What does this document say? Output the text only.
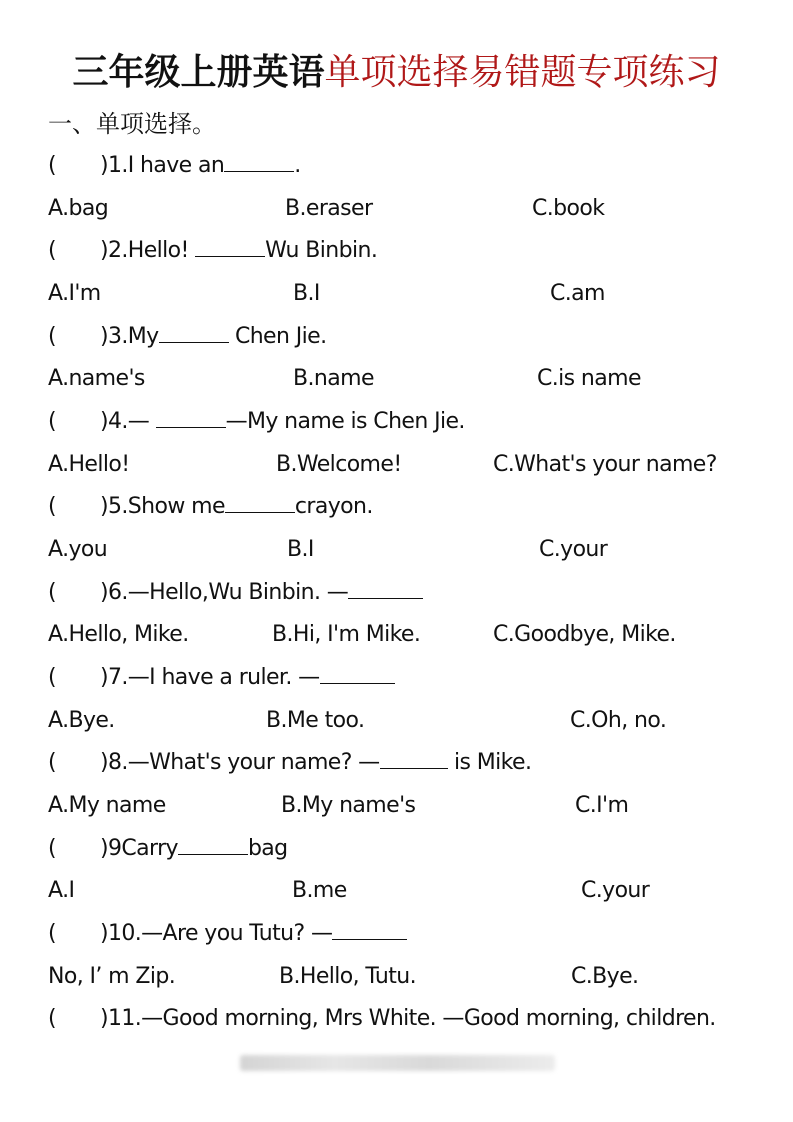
三年级上册英语单项选择易错题专项练习
一、单项选择。
( )1.I have an	.
A.bag	B.eraser	C.book
( )2.Hello!	Wu Binbin.
A.I'm	B.I	C.am
( )3.My	Chen Jie.
A.name's	B.name	C.is name
( )4.—	—My name is Chen Jie.
A.Hello!	B.Welcome!	C.What's your name?
( )5.Show me	crayon.
A.you	B.I	C.your
( )6.—Hello,Wu Binbin. —
A.Hello, Mike.	B.Hi, I'm Mike.	C.Goodbye, Mike.
( )7.—I have a ruler. —
A.Bye.	B.Me too.	C.Oh, no.
( )8.—What's your name? —	is Mike.
A.My name	B.My name's	C.I'm
( )9Carry	bag
A.I	B.me	C.your
( )10.—Are you Tutu? —
No, I’ m Zip.	B.Hello, Tutu.	C.Bye.
( )11.—Good morning, Mrs White. —Good morning, children.
